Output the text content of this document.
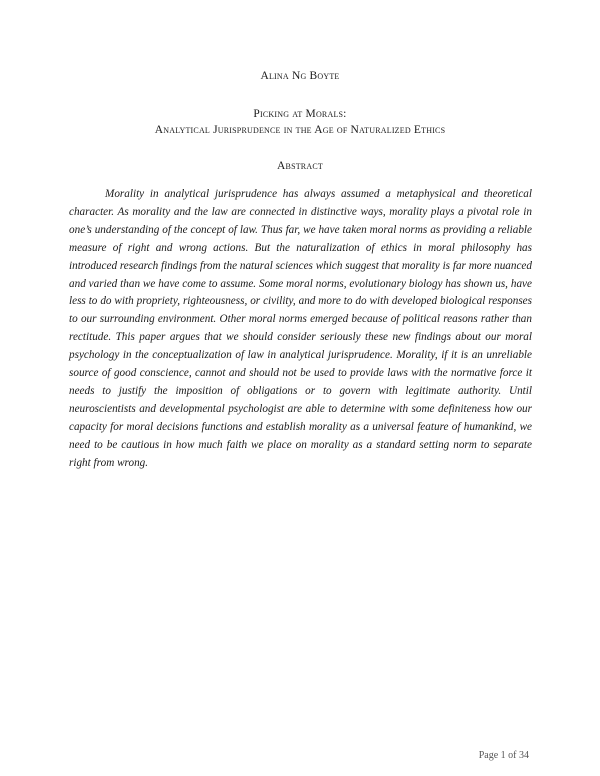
Alina Ng Boyte
Picking at Morals:
Analytical Jurisprudence in the Age of Naturalized Ethics
Abstract

Morality in analytical jurisprudence has always assumed a metaphysical and theoretical character. As morality and the law are connected in distinctive ways, morality plays a pivotal role in one’s understanding of the concept of law. Thus far, we have taken moral norms as providing a reliable measure of right and wrong actions. But the naturalization of ethics in moral philosophy has introduced research findings from the natural sciences which suggest that morality is far more nuanced and varied than we have come to assume. Some moral norms, evolutionary biology has shown us, have less to do with propriety, righteousness, or civility, and more to do with developed biological responses to our surrounding environment. Other moral norms emerged because of political reasons rather than rectitude. This paper argues that we should consider seriously these new findings about our moral psychology in the conceptualization of law in analytical jurisprudence. Morality, if it is an unreliable source of good conscience, cannot and should not be used to provide laws with the normative force it needs to justify the imposition of obligations or to govern with legitimate authority. Until neuroscientists and developmental psychologist are able to determine with some definiteness how our capacity for moral decisions functions and establish morality as a universal feature of humankind, we need to be cautious in how much faith we place on morality as a standard setting norm to separate right from wrong.

Page 1 of 34
